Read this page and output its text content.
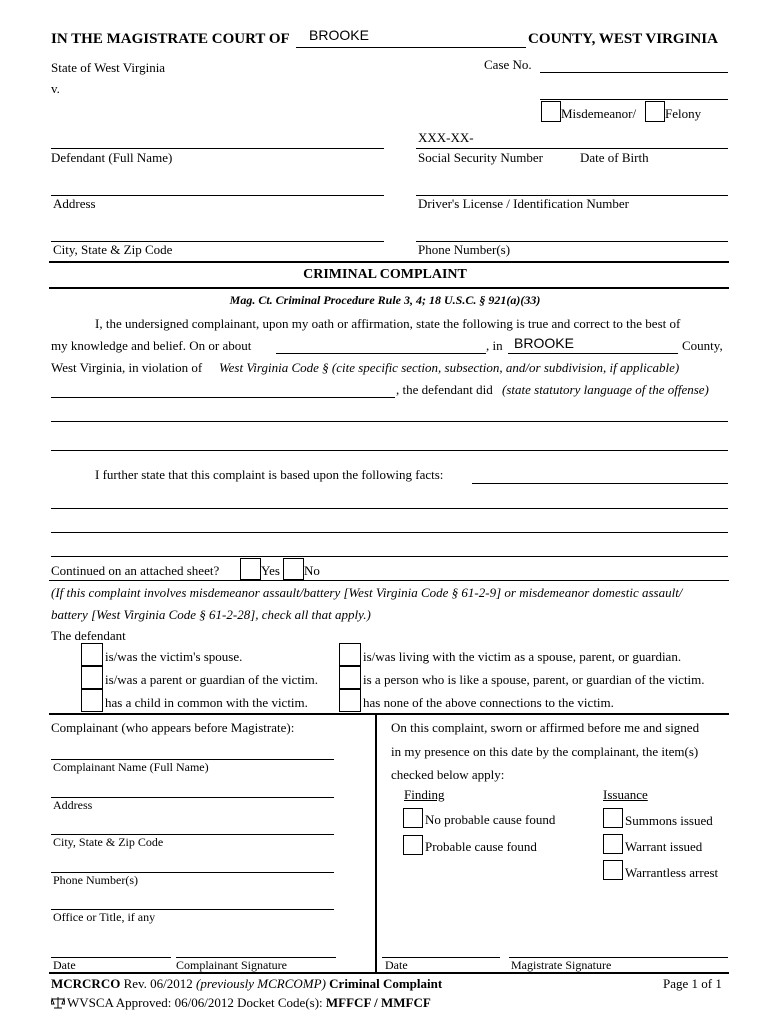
IN THE MAGISTRATE COURT OF BROOKE	COUNTY, WEST VIRGINIA
State of West Virginia
v.
Case No.
Misdemeanor/ Felony
XXX-XX-
Defendant (Full Name)	Social Security Number	Date of Birth
Address	Driver's License / Identification Number
City, State & Zip Code	Phone Number(s)
CRIMINAL COMPLAINT
Mag. Ct. Criminal Procedure Rule 3, 4; 18 U.S.C. § 921(a)(33)
I, the undersigned complainant, upon my oath or affirmation, state the following is true and correct to the best of
my knowledge and belief. On or about	, in BROOKE	County,
West Virginia, in violation of West Virginia Code § (cite specific section, subsection, and/or subdivision, if applicable)
, the defendant did (state statutory language of the offense)
I further state that this complaint is based upon the following facts:
Continued on an attached sheet?	Yes No
(If this complaint involves misdemeanor assault/battery [West Virginia Code § 61-2-9] or misdemeanor domestic assault/
battery [West Virginia Code § 61-2-28], check all that apply.)
The defendant
is/was the victim's spouse.
is/was a parent or guardian of the victim.
has a child in common with the victim.
is/was living with the victim as a spouse, parent, or guardian.
is a person who is like a spouse, parent, or guardian of the victim.
has none of the above connections to the victim.
Complainant (who appears before Magistrate):
Complainant Name (Full Name)
Address
City, State & Zip Code
Phone Number(s)
Office or Title, if any
Date	Complainant Signature
On this complaint, sworn or affirmed before me and signed
in my presence on this date by the complainant, the item(s)
checked below apply:
Finding	Issuance
No probable cause found
Probable cause found
Summons issued
Warrant issued
Warrantless arrest
Date	Magistrate Signature
MCRCRCO Rev. 06/2012 (previously MCRCOMP) Criminal Complaint	Page 1 of 1
WVSCA Approved: 06/06/2012 Docket Code(s): MFFCF / MMFCF
